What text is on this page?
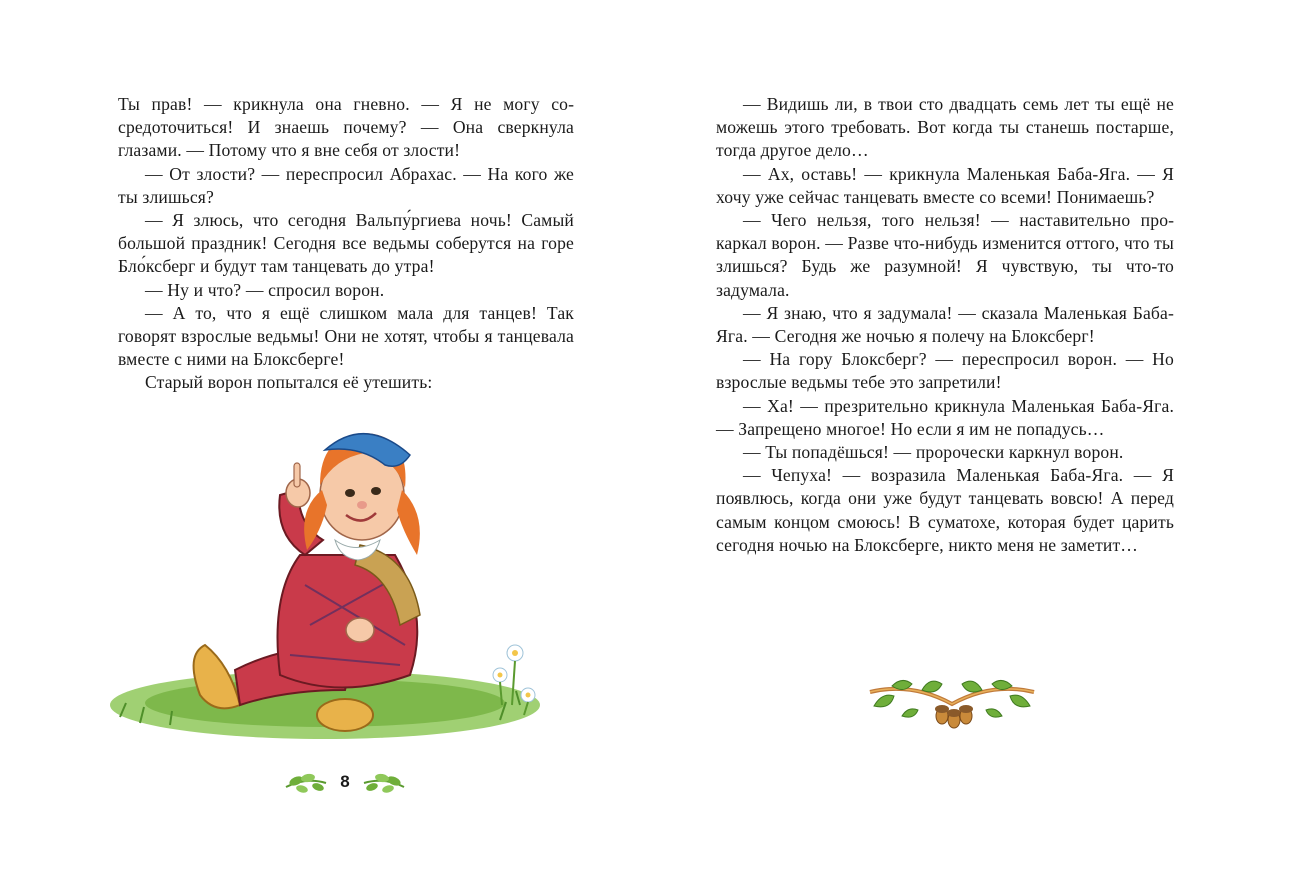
Ты прав! — крикнула она гневно. — Я не могу сосредоточиться! И знаешь почему? — Она сверкнула глазами. — Потому что я вне себя от злости!

— От злости? — переспросил Абрахас. — На кого же ты злишься?

— Я злюсь, что сегодня Вальпу́ргиева ночь! Самый большой праздник! Сегодня все ведьмы соберутся на горе Бло́ксберг и будут там танцевать до утра!

— Ну и что? — спросил ворон.

— А то, что я ещё слишком мала для танцев! Так говорят взрослые ведьмы! Они не хотят, чтобы я танцевала вместе с ними на Блоксберге!

Старый ворон попытался её утешить:

8

— Видишь ли, в твои сто двадцать семь лет ты ещё не можешь этого требовать. Вот когда ты станешь постарше, тогда другое дело…

— Ах, оставь! — крикнула Маленькая Баба-Яга. — Я хочу уже сейчас танцевать вместе со всеми! Понимаешь?

— Чего нельзя, того нельзя! — наставительно прокаркал ворон. — Разве что-нибудь изменится оттого, что ты злишься? Будь же разумной! Я чувствую, ты что-то задумала.

— Я знаю, что я задумала! — сказала Маленькая Баба-Яга. — Сегодня же ночью я полечу на Блоксберг!

— На гору Блоксберг? — переспросил ворон. — Но взрослые ведьмы тебе это запретили!

— Ха! — презрительно крикнула Маленькая Баба-Яга. — Запрещено многое! Но если я им не попадусь…

— Ты попадёшься! — пророчески каркнул ворон.

— Чепуха! — возразила Маленькая Баба-Яга. — Я появлюсь, когда они уже будут танцевать вовсю! А перед самым концом смоюсь! В суматохе, которая будет царить сегодня ночью на Блоксберге, никто меня не заметит…
